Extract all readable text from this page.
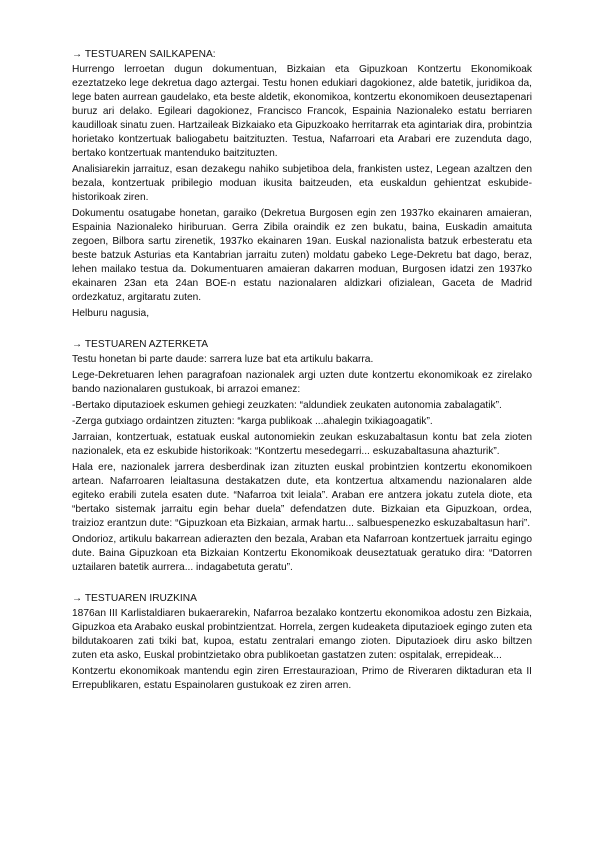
→ TESTUAREN SAILKAPENA:

Hurrengo lerroetan dugun dokumentuan, Bizkaian eta Gipuzkoan Kontzertu Ekonomikoak ezeztatzeko lege dekretua dago aztergai. Testu honen edukiari dagokionez, alde batetik, juridikoa da, lege baten aurrean gaudelako, eta beste aldetik, ekonomikoa, kontzertu ekonomikoen deuseztapenari buruz ari delako. Egileari dagokionez, Francisco Francok, Espainia Nazionaleko estatu berriaren kaudilloak sinatu zuen. Hartzaileak Bizkaiako eta Gipuzkoako herritarrak eta agintariak dira, probintzia horietako kontzertuak baliogabetu baitzituzten. Testua, Nafarroari eta Arabari ere zuzenduta dago, bertako kontzertuak mantenduko baitzituzten.

Analisiarekin jarraituz, esan dezakegu nahiko subjetiboa dela, frankisten ustez, Legean azaltzen den bezala, kontzertuak pribilegio moduan ikusita baitzeuden, eta euskaldun gehientzat eskubide-historikoak ziren.

Dokumentu osatugabe honetan, garaiko (Dekretua Burgosen egin zen 1937ko ekainaren amaieran, Espainia Nazionaleko hiriburuan. Gerra Zibila oraindik ez zen bukatu, baina, Euskadin amaituta zegoen, Bilbora sartu zirenetik, 1937ko ekainaren 19an. Euskal nazionalista batzuk erbesteratu eta beste batzuk Asturias eta Kantabrian jarraitu zuten) moldatu gabeko Lege-Dekretu bat dago, beraz, lehen mailako testua da. Dokumentuaren amaieran dakarren moduan, Burgosen idatzi zen 1937ko ekainaren 23an eta 24an BOE-n estatu nazionalaren aldizkari ofizialean, Gaceta de Madrid ordezkatuz, argitaratu zuten.

Helburu nagusia,

→ TESTUAREN AZTERKETA

Testu honetan bi parte daude: sarrera luze bat eta artikulu bakarra.

Lege-Dekretuaren lehen paragrafoan nazionalek argi uzten dute kontzertu ekonomikoak ez zirelako bando nazionalaren gustukoak, bi arrazoi emanez:

-Bertako diputazioek eskumen gehiegi zeuzkaten: “aldundiek zeukaten autonomia zabalagatik”.

-Zerga gutxiago ordaintzen zituzten: “karga publikoak ...ahalegin txikiagoagatik”.

Jarraian, kontzertuak, estatuak euskal autonomiekin zeukan eskuzabaltasun kontu bat zela zioten nazionalek, eta ez eskubide historikoak: “Kontzertu mesedegarri... eskuzabaltasuna ahazturik”.

Hala ere, nazionalek jarrera desberdinak izan zituzten euskal probintzien kontzertu ekonomikoen artean. Nafarroaren leialtasuna destakatzen dute, eta kontzertua altxamendu nazionalaren alde egiteko erabili zutela esaten dute. “Nafarroa txit leiala”. Araban ere antzera jokatu zutela diote, eta “bertako sistemak jarraitu egin behar duela” defendatzen dute. Bizkaian eta Gipuzkoan, ordea, traizioz erantzun dute: “Gipuzkoan eta Bizkaian, armak hartu... salbuespenezko eskuzabaltasun hari”.

Ondorioz, artikulu bakarrean adierazten den bezala, Araban eta Nafarroan kontzertuek jarraitu egingo dute. Baina Gipuzkoan eta Bizkaian Kontzertu Ekonomikoak deuseztatuak geratuko dira: “Datorren uztailaren batetik aurrera... indagabetuta geratu”.

→ TESTUAREN IRUZKINA

1876an III Karlistaldiaren bukaerarekin, Nafarroa bezalako kontzertu ekonomikoa adostu zen Bizkaia, Gipuzkoa eta Arabako euskal probintzientzat. Horrela, zergen kudeaketa diputazioek egingo zuten eta bildutakoaren zati txiki bat, kupoa, estatu zentralari emango zioten. Diputazioek diru asko biltzen zuten eta asko, Euskal probintzietako obra publikoetan gastatzen zuten: ospitalak, errepideak...

Kontzertu ekonomikoak mantendu egin ziren Errestaurazioan, Primo de Riveraren diktaduran eta II Errepublikaren, estatu Espainolaren gustukoak ez ziren arren.
